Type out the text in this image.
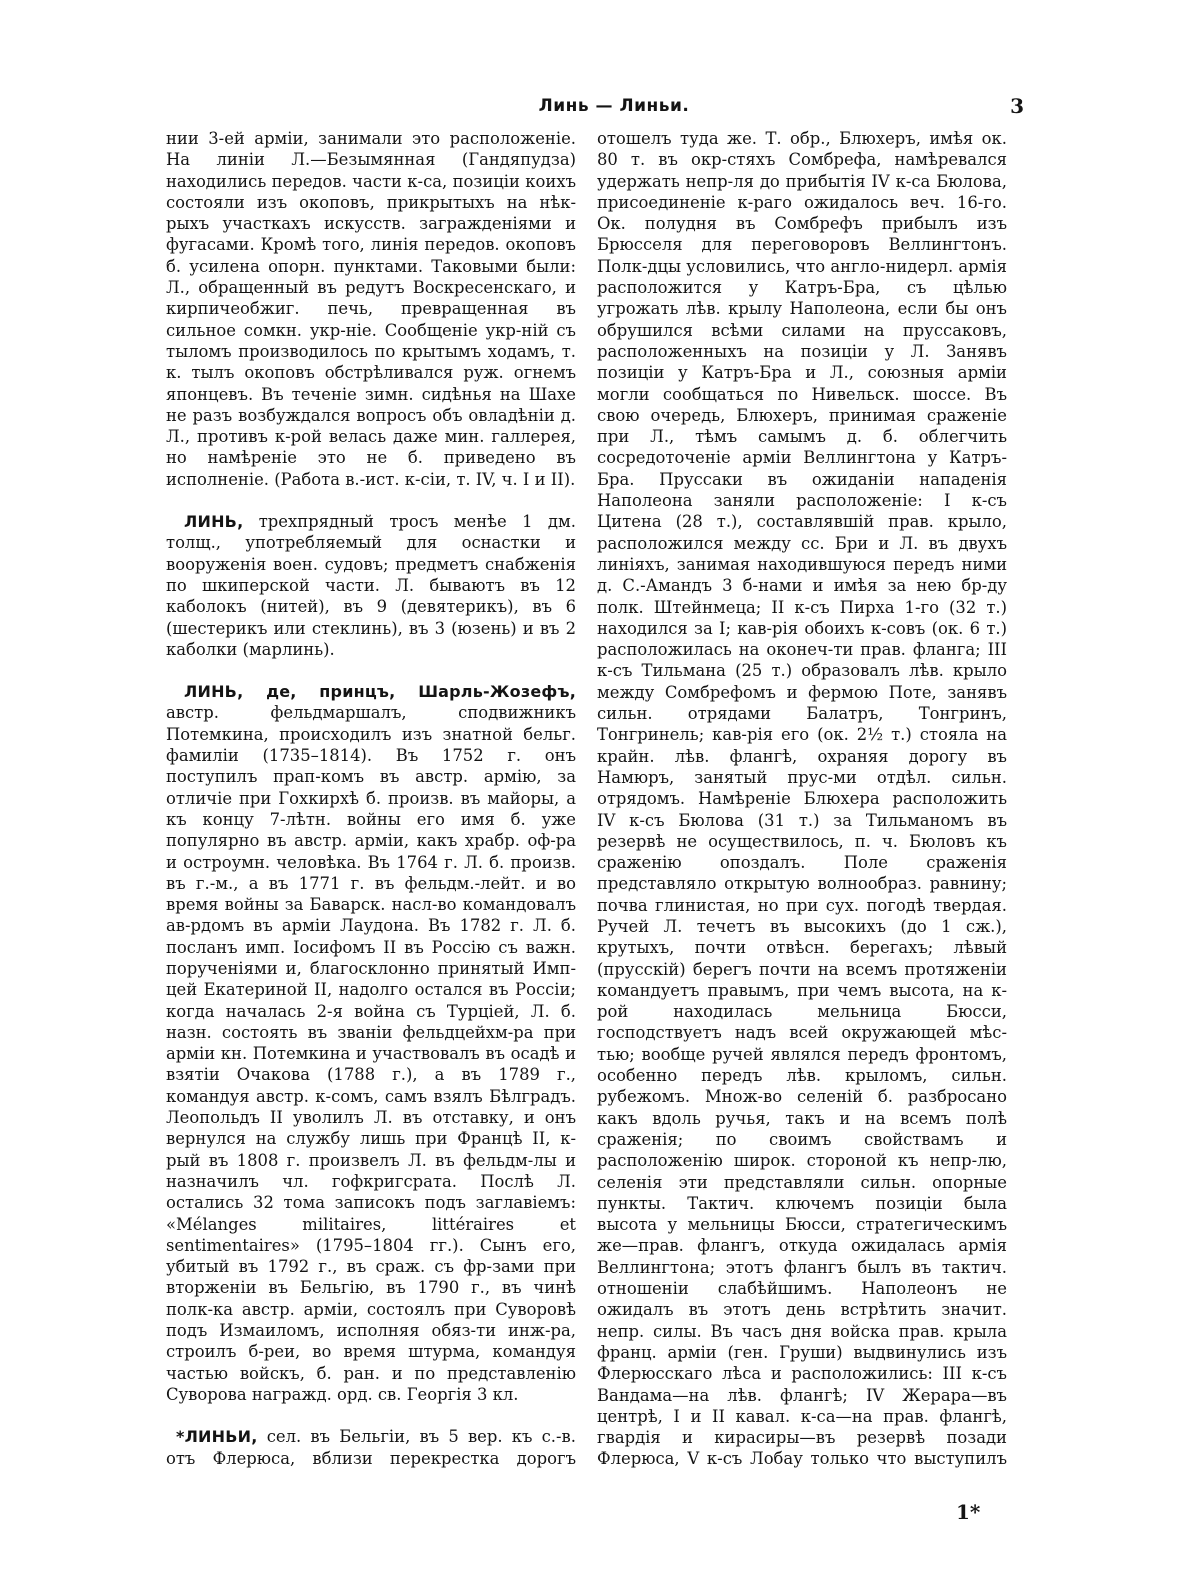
Линь — Линьи.	3

нии 3-ей арміи, занимали это расположеніе. На линіи Л.—Безымянная (Гандяпудза) находились передов. части к-са, позиціи коихъ состояли изъ окоповъ, прикрытыхъ на нѣк-рыхъ участкахъ искусств. загражденіями и фугасами. Кромѣ того, линія передов. окоповъ б. усилена опорн. пунктами. Таковыми были: Л., обращенный въ редутъ Воскресенскаго, и кирпичеобжиг. печь, превращенная въ сильное сомкн. укр-ніе. Сообщеніе укр-ній съ тыломъ производилось по крытымъ ходамъ, т. к. тылъ окоповъ обстрѣливался руж. огнемъ японцевъ. Въ теченіе зимн. сидѣнья на Шахе не разъ возбуждался вопросъ объ овладѣніи д. Л., противъ к-рой велась даже мин. галлерея, но намѣреніе это не б. приведено въ исполненіе. (Работа в.-ист. к-сіи, т. IV, ч. I и II).

ЛИНЬ, трехпрядный тросъ менѣе 1 дм. толщ., употребляемый для оснастки и вооруженія воен. судовъ; предметъ снабженія по шкиперской части. Л. бываютъ въ 12 каболокъ (нитей), въ 9 (девятерикъ), въ 6 (шестерикъ или стеклинь), въ 3 (юзень) и въ 2 каболки (марлинь).

ЛИНЬ, де, принцъ, Шарль-Жозефъ, австр. фельдмаршалъ, сподвижникъ Потемкина, происходилъ изъ знатной бельг. фамиліи (1735–1814). Въ 1752 г. онъ поступилъ прап-комъ въ австр. армію, за отличіе при Гохкирхѣ б. произв. въ майоры, а къ концу 7-лѣтн. войны его имя б. уже популярно въ австр. арміи, какъ храбр. оф-ра и остроумн. человѣка. Въ 1764 г. Л. б. произв. въ г.-м., а въ 1771 г. въ фельдм.-лейт. и во время войны за Баварск. насл-во командовалъ ав-рдомъ въ арміи Лаудона. Въ 1782 г. Л. б. посланъ имп. Іосифомъ II въ Россію съ важн. порученіями и, благосклонно принятый Имп-цей Екатериной II, надолго остался въ Россіи; когда началась 2-я война съ Турціей, Л. б. назн. состоять въ званіи фельдцейхм-ра при арміи кн. Потемкина и участвовалъ въ осадѣ и взятіи Очакова (1788 г.), а въ 1789 г., командуя австр. к-сомъ, самъ взялъ Бѣлградъ. Леопольдъ II уволилъ Л. въ отставку, и онъ вернулся на службу лишь при Францѣ II, к-рый въ 1808 г. произвелъ Л. въ фельдм-лы и назначилъ чл. гофкригсрата. Послѣ Л. остались 32 тома записокъ подъ заглавіемъ: «Mélanges militaires, littéraires et sentimentaires» (1795–1804 гг.). Сынъ его, убитый въ 1792 г., въ сраж. съ фр-зами при вторженіи въ Бельгію, въ 1790 г., въ чинѣ полк-ка австр. арміи, состоялъ при Суворовѣ подъ Измаиломъ, исполняя обяз-ти инж-ра, строилъ б-реи, во время штурма, командуя частью войскъ, б. ран. и по представленію Суворова награжд. орд. св. Георгія 3 кл.

*ЛИНЬИ, сел. въ Бельгіи, въ 5 вер. къ с.-в. отъ Флерюса, вблизи перекрестка дорогъ

отошелъ туда же. Т. обр., Блюхеръ, имѣя ок. 80 т. въ окр-стяхъ Сомбрефа, намѣревался удержать непр-ля до прибытія IV к-са Бюлова, присоединеніе к-раго ожидалось веч. 16-го. Ок. полудня въ Сомбрефъ прибылъ изъ Брюсселя для переговоровъ Веллингтонъ. Полк-дцы условились, что англо-нидерл. армія расположится у Катръ-Бра, съ цѣлью угрожать лѣв. крылу Наполеона, если бы онъ обрушился всѣми силами на пруссаковъ, расположенныхъ на позиціи у Л. Занявъ позиціи у Катръ-Бра и Л., союзныя арміи могли сообщаться по Нивельск. шоссе. Въ свою очередь, Блюхеръ, принимая сраженіе при Л., тѣмъ самымъ д. б. облегчить сосредоточеніе арміи Веллингтона у Катръ-Бра. Пруссаки въ ожиданіи нападенія Наполеона заняли расположеніе: I к-съ Цитена (28 т.), составлявшій прав. крыло, расположился между сс. Бри и Л. въ двухъ линіяхъ, занимая находившуюся передъ ними д. С.-Амандъ 3 б-нами и имѣя за нею бр-ду полк. Штейнмеца; II к-съ Пирха 1-го (32 т.) находился за I; кав-рія обоихъ к-совъ (ок. 6 т.) расположилась на оконеч-ти прав. фланга; III к-съ Тильмана (25 т.) образовалъ лѣв. крыло между Сомбрефомъ и фермою Поте, занявъ сильн. отрядами Балатръ, Тонгринъ, Тонгринель; кав-рія его (ок. 2½ т.) стояла на крайн. лѣв. флангѣ, охраняя дорогу въ Намюръ, занятый прус-ми отдѣл. сильн. отрядомъ. Намѣреніе Блюхера расположить IV к-съ Бюлова (31 т.) за Тильманомъ въ резервѣ не осуществилось, п. ч. Бюловъ къ сраженію опоздалъ. Поле сраженія представляло открытую волнообраз. равнину; почва глинистая, но при сух. погодѣ твердая. Ручей Л. течетъ въ высокихъ (до 1 сж.), крутыхъ, почти отвѣсн. берегахъ; лѣвый (прусскій) берегъ почти на всемъ протяженіи командуетъ правымъ, при чемъ высота, на к-рой находилась мельница Бюсси, господствуетъ надъ всей окружающей мѣс-тью; вообще ручей являлся передъ фронтомъ, особенно передъ лѣв. крыломъ, сильн. рубежомъ. Множ-во селеній б. разбросано какъ вдоль ручья, такъ и на всемъ полѣ сраженія; по своимъ свойствамъ и расположенію широк. стороной къ непр-лю, селенія эти представляли сильн. опорные пункты. Тактич. ключемъ позиціи была высота у мельницы Бюсси, стратегическимъ же—прав. флангъ, откуда ожидалась армія Веллингтона; этотъ флангъ былъ въ тактич. отношеніи слабѣйшимъ. Наполеонъ не ожидалъ въ этотъ день встрѣтить значит. непр. силы. Въ часъ дня войска прав. крыла франц. арміи (ген. Груши) выдвинулись изъ Флерюсскаго лѣса и расположились: III к-съ Вандама—на лѣв. флангѣ; IV Жерара—въ центрѣ, I и II кавал. к-са—на прав. флангѣ, гвардія и кирасиры—въ резервѣ позади Флерюса, V к-съ Лобау только что выступилъ

1*
